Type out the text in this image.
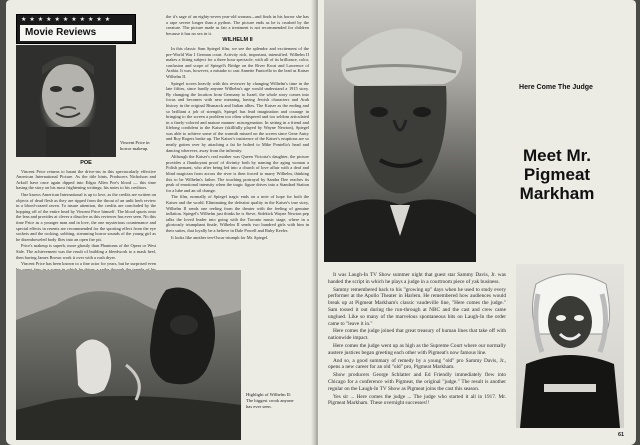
★★★★★★★★★★★
Movie Reviews
Vincent Price in horror makeup.
POE

Vincent Price returns to haunt the drive-ins in this spectacularly effective American International Picture. As the title hints, Producers Nicholson and Arkoff have once again dipped into Edgar Allen Poe's blood — this time basing the story on his most frightening writings; his notes to his creditors.

One knows American International is up to love, as the credits are written on objects of dead flesh as they are ripped from the throat of an unlit herb review in a blood-crazed raven. To insure attention, the credits are concluded by the hopping off of the entire head by Vincent Price himself. The blood spurts onto the lens and provides at clever a dissolve as this reviewer has ever seen. No this time Price as a younger man and in love, the one mysterious countenance and special effects in resents are recommended for the sporting effect from the eye sockets and the rocking, sobbing, streaming horror sounds of the young girl as he disemboweled body flies into an open fire pit.

Price's makeup is superb, more ghastly than Phantoms of the Opera or West Side. The achievement was the result of building a bleedwork to a mask heel, then having James Brown work it over with a rush dryer.

Vincent Price has been known to a fine actor for years, but he surprised even

Highlight of Wilhelm II: The biggest crook anyone has ever seen.

the it's sage of an eighty-seven year-old woman—and finds in his horror she has a rape severe longer than a python. The picture ends as he is crushed by the creature. The picture made as fair a treatment is not recommended for children because it has no sex in it.

WILHELM II

In this classic Sam Spiegel film, we see the splendor and excitement of the pre-World War I German court. Activity rich, important, intensified. Wilhelm II makes a fitting subject for a three hour spectacle, with all of its brilliance, color, confusion and scope of Spiegel's Bridge on the River Kwai and Lawrence of Arabia. It was, however, a mistake to cast Annette Funicello in the lead as Kaiser Wilhelm II.

Spiegel scores heavily with this reviewer by changing Wilhelm's time in the late fifties, since hardly anyone Wilhelm's age would understand a 1915 story. By changing the location from Germany to Israel, the whole story comes into focus and becomes with new meaning, having Jewish characters and Arab history in the original Bismarck and Italian allies. The Kaiser as the ending and so brilliant a job of strength, Spiegel has lead imagination and courage in bringing to the screen a problem too often whispered and too seldom articulated in a finely-colored and mature manner: miscegenation. In setting in a friend and lifelong confident to the Kaiser (skillfully played by Wayne Newton), Spiegel was able to achieve some of the warmth missed on the screen since Gene Autry and Roy Rogers broke up. The Kaiser's insistence of the Kaiser's eruptions are so neatly gotten over by attaching a fat lie bolted to Mike Poniello's head and dancing wherever, away from the infirmity.

Although the Kaiser's real mother was Queen Victoria's daughter, the picture provides a flamboyant proof of divinity both by naming the aging woman a Polish peasant, who after being led into a church of love affair with a deaf and blind magician from across the river is then forced to marry Wilhelm, thinking this to be Wilhelm's father. The touching portrayal by Sandra Dee reaches its peak of emotional intensity when the tragic figure drives into a Standard Station for a lube and an oil change.

The film, normally of Spiegel tragic ends on a note of hope for both the Kaiser and the world. Eliminating the defeatist quality in the Kaiser's true story, Wilhelm II sends one reeling from the theater with the feeling of genuine inflation. Spiegel's Wilhelm just thinks he is Steve, Sidekick Wayne Newton pep talks the loved leader into going with the Toronto music stage, where in a gloriously triumphant finale, Wilhelm II sends two hundred girls with him in their suites, that loyally be a believe in Dale Powell and Ruby Keeler.

It looks like another ten-Oscar triumph for Mr. Spiegel.

Here Come The Judge
Meet Mr. Pigmeat Markham

It was Laugh-In TV Show summer night that guest star Sammy Davis, Jr. was handed the script in which he plays a judge in a courtroom piece of yak business.

Sammy remembered back to his "growing up" days when he used to study every performer at the Apollo Theater in Harlem. He remembered how audiences would break up at Pigmeat Markham's classic vaudeville line, "Here comes the judge." Sam tossed it out during the run-through at NBC and the cast and crew came unglued. Like so many of the marvelous spontaneous bits on Laugh-In the order came to "leave it in."

Here comes the judge joined that great treasury of human lines that take off with nationwide impact.

Here comes the judge went up as high as the Supreme Court where our normally austere justices began greeting each other with Pigmeat's now famous line.

And so, a good summary of remedy by a young "old" pro Sammy Davis, Jr., opens a new career for an old "old" pro, Pigmeat Markham.

Show producers George Schlatter and Ed Friendly immediately flew into Chicago for a conference with Pigmeat, the original "judge." The result is another regular on the Laugh-In TV Show as Pigmeat joins the cast this season.

Yes sir ... Here comes the judge ... The judge who started it all in 1917. Mr. Pigmeat Markham. These overnight successes!!

61
